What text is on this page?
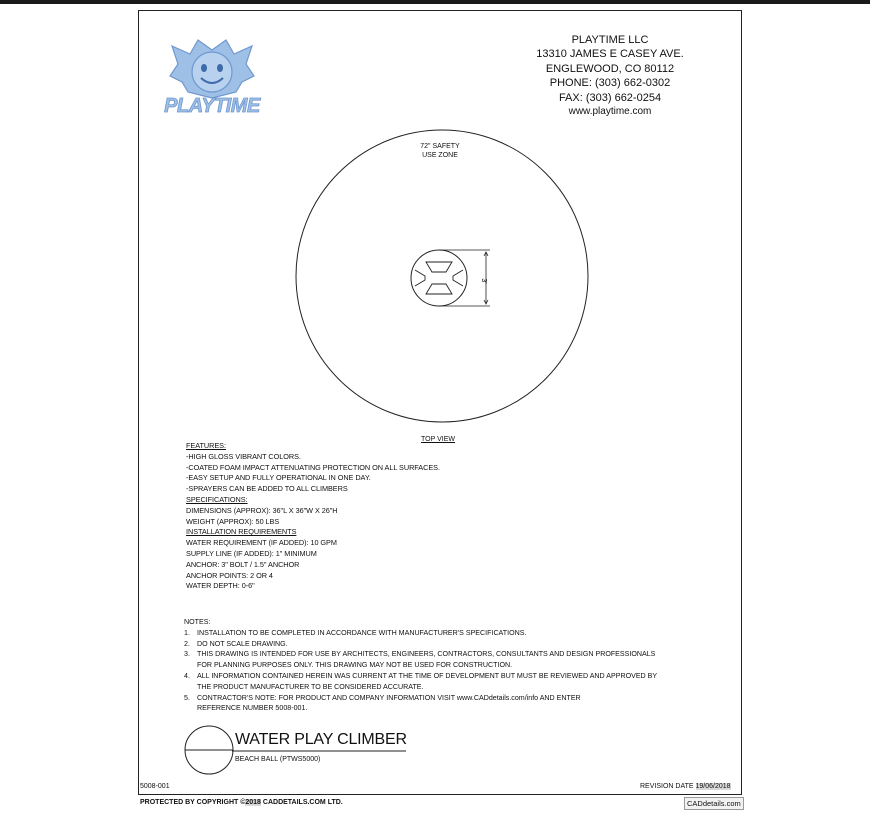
PLAYTIME
PLAYTIME LLC
13310 JAMES E CASEY AVE.
ENGLEWOOD, CO 80112
PHONE: (303) 662-0302
FAX: (303) 662-0254
www.playtime.com
3'
72" SAFETY
USE ZONE
TOP VIEW
FEATURES:
-HIGH GLOSS VIBRANT COLORS.
-COATED FOAM IMPACT ATTENUATING PROTECTION ON ALL SURFACES.
-EASY SETUP AND FULLY OPERATIONAL IN ONE DAY.
-SPRAYERS CAN BE ADDED TO ALL CLIMBERS
SPECIFICATIONS:
DIMENSIONS (APPROX): 36"L X 36"W X 26"H
WEIGHT (APPROX): 50 LBS
INSTALLATION REQUIREMENTS
WATER REQUIREMENT (IF ADDED): 10 GPM
SUPPLY LINE (IF ADDED): 1" MINIMUM
ANCHOR: 3" BOLT / 1.5" ANCHOR
ANCHOR POINTS: 2 OR 4
WATER DEPTH: 0-6"
NOTES:
1. INSTALLATION TO BE COMPLETED IN ACCORDANCE WITH MANUFACTURER'S SPECIFICATIONS.
2. DO NOT SCALE DRAWING.
3. THIS DRAWING IS INTENDED FOR USE BY ARCHITECTS, ENGINEERS, CONTRACTORS, CONSULTANTS AND DESIGN PROFESSIONALS
FOR PLANNING PURPOSES ONLY. THIS DRAWING MAY NOT BE USED FOR CONSTRUCTION.
4. ALL INFORMATION CONTAINED HEREIN WAS CURRENT AT THE TIME OF DEVELOPMENT BUT MUST BE REVIEWED AND APPROVED BY
THE PRODUCT MANUFACTURER TO BE CONSIDERED ACCURATE.
5. CONTRACTOR'S NOTE: FOR PRODUCT AND COMPANY INFORMATION VISIT www.CADdetails.com/info AND ENTER
REFERENCE NUMBER 5008-001.
WATER PLAY CLIMBER
BEACH BALL (PTWS5000)
5008-001	REVISION DATE 19/06/2018
PROTECTED BY COPYRIGHT ©2018 CADDETAILS.COM LTD.	CADdetails.com
